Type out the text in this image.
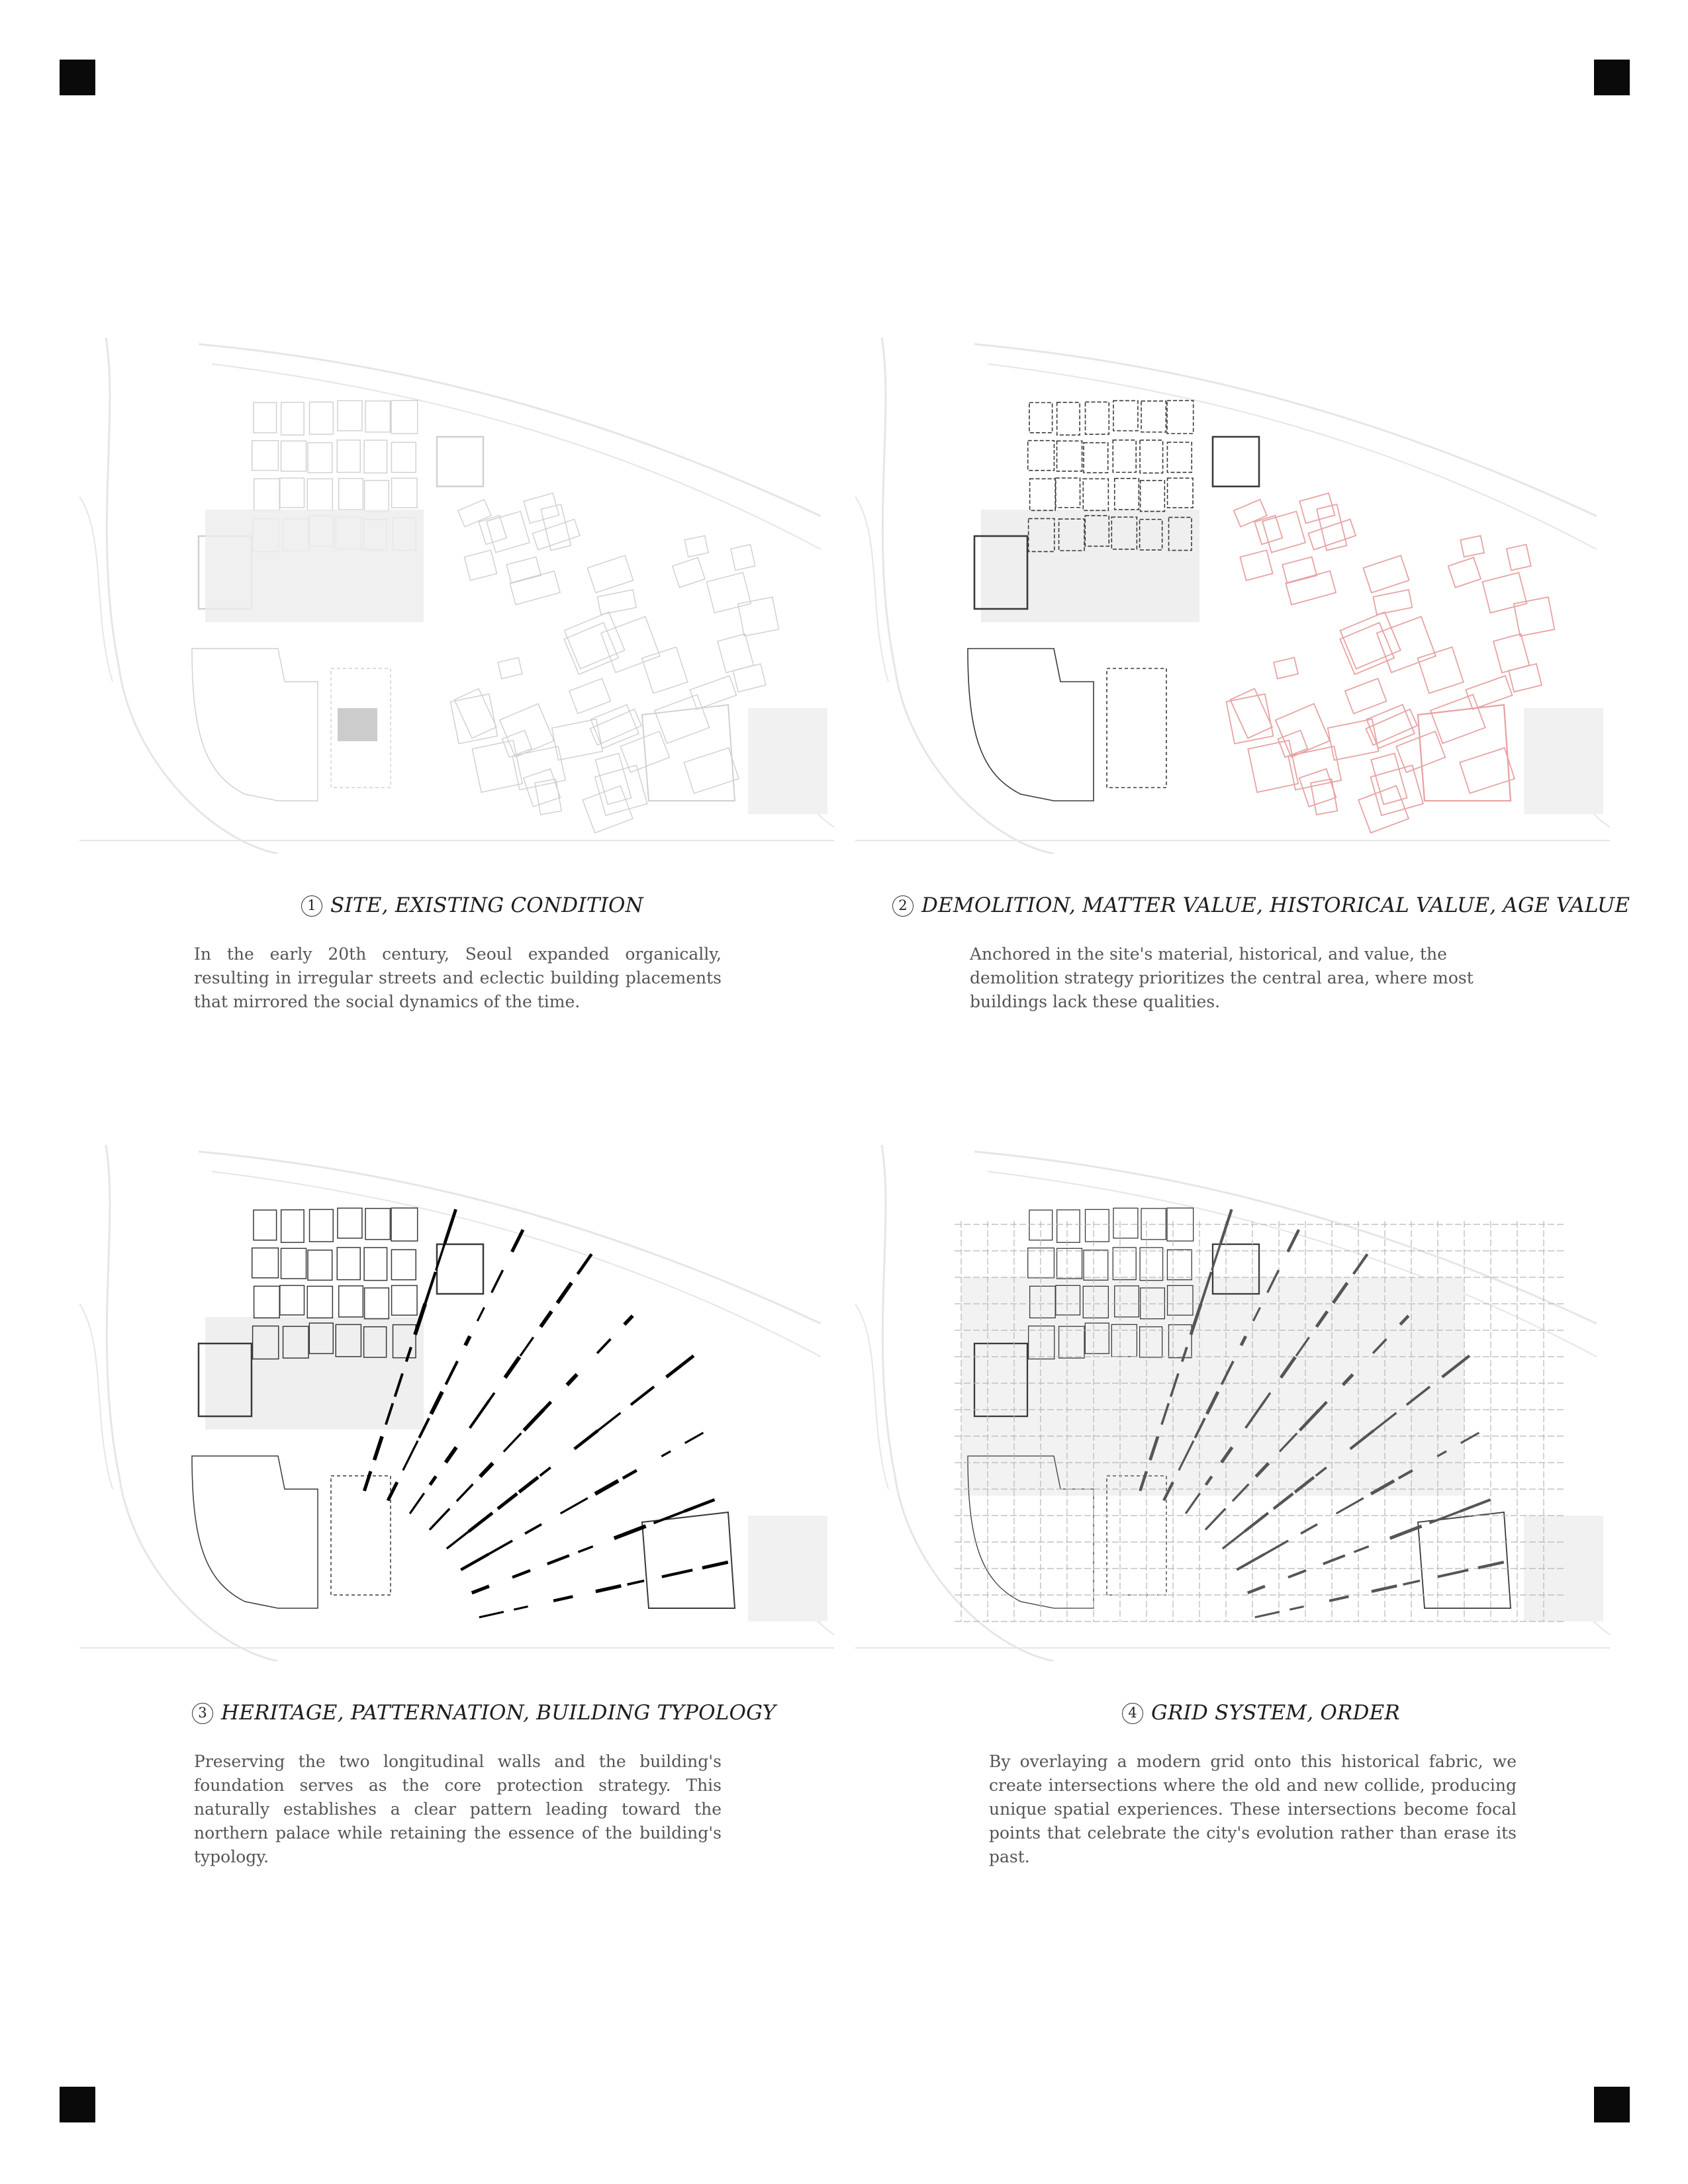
1 SITE, EXISTING CONDITION	2 DEMOLITION, MATTER VALUE, HISTORICAL VALUE, AGE VALUE
3 HERITAGE, PATTERNATION, BUILDING TYPOLOGY	4 GRID SYSTEM, ORDER

In the early 20th century, Seoul expanded organically, resulting in irregular streets and eclectic building placements that mirrored the social dynamics of the time.

Anchored in the site's material, historical, and value, the demolition strategy prioritizes the central area, where most buildings lack these qualities.

Preserving the two longitudinal walls and the building's foundation serves as the core protection strategy. This naturally establishes a clear pattern leading toward the northern palace while retaining the essence of the building's typology.

By overlaying a modern grid onto this historical fabric, we create intersections where the old and new collide, producing unique spatial experiences. These intersections become focal points that celebrate the city's evolution rather than erase its past.
